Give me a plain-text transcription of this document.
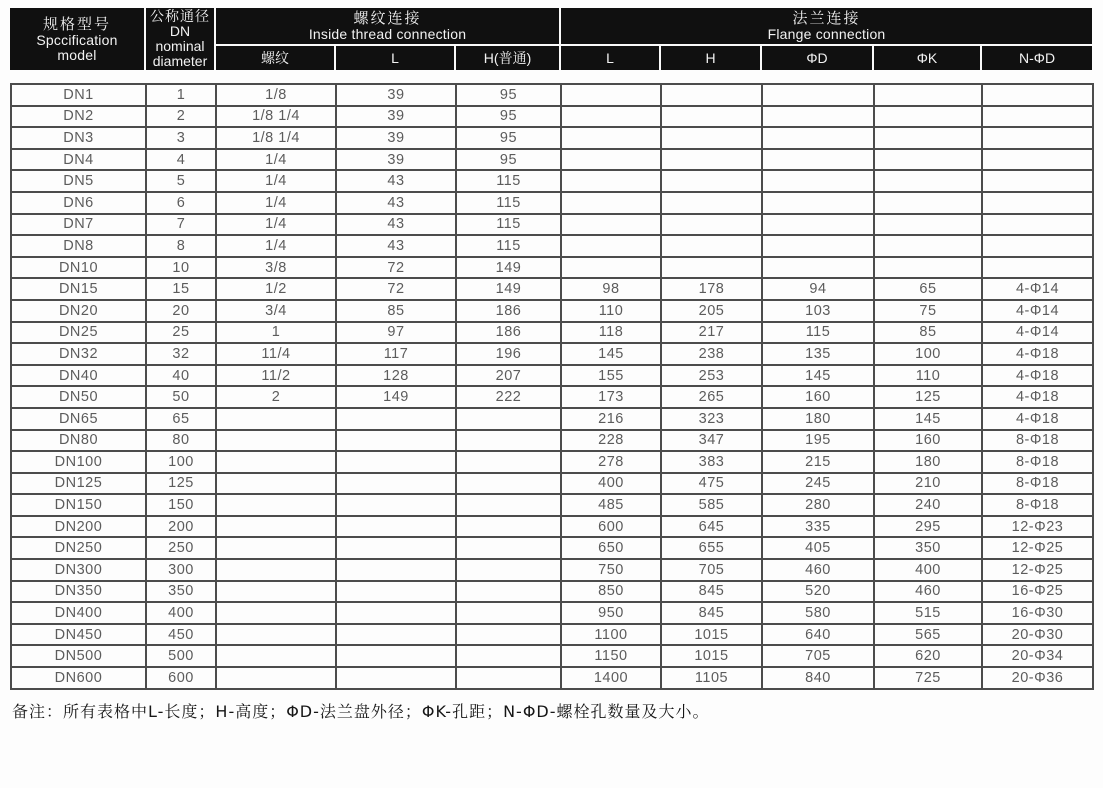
规格型号
Spccification
model

公称通径
DN
nominal
diameter

螺纹连接
Inside thread connection

法兰连接
Flange connection

		螺纹	L	H(普通)	L	H	ΦD	ΦK	N-ΦD
DN1	1	1/8	39	95					
DN2	2	1/8 1/4	39	95					
DN3	3	1/8 1/4	39	95					
DN4	4	1/4	39	95					
DN5	5	1/4	43	115					
DN6	6	1/4	43	115					
DN7	7	1/4	43	115					
DN8	8	1/4	43	115					
DN10	10	3/8	72	149					
DN15	15	1/2	72	149	98	178	94	65	4-Φ14
DN20	20	3/4	85	186	110	205	103	75	4-Φ14
DN25	25	1	97	186	118	217	115	85	4-Φ14
DN32	32	11/4	117	196	145	238	135	100	4-Φ18
DN40	40	11/2	128	207	155	253	145	110	4-Φ18
DN50	50	2	149	222	173	265	160	125	4-Φ18
DN65	65				216	323	180	145	4-Φ18
DN80	80				228	347	195	160	8-Φ18
DN100	100				278	383	215	180	8-Φ18
DN125	125				400	475	245	210	8-Φ18
DN150	150				485	585	280	240	8-Φ18
DN200	200				600	645	335	295	12-Φ23
DN250	250				650	655	405	350	12-Φ25
DN300	300				750	705	460	400	12-Φ25
DN350	350				850	845	520	460	16-Φ25
DN400	400				950	845	580	515	16-Φ30
DN450	450				1100	1015	640	565	20-Φ30
DN500	500				1150	1015	705	620	20-Φ34
DN600	600				1400	1105	840	725	20-Φ36

备注：所有表格中L-长度；H-高度；ΦD-法兰盘外径；ΦK-孔距；N-ΦD-螺栓孔数量及大小。
